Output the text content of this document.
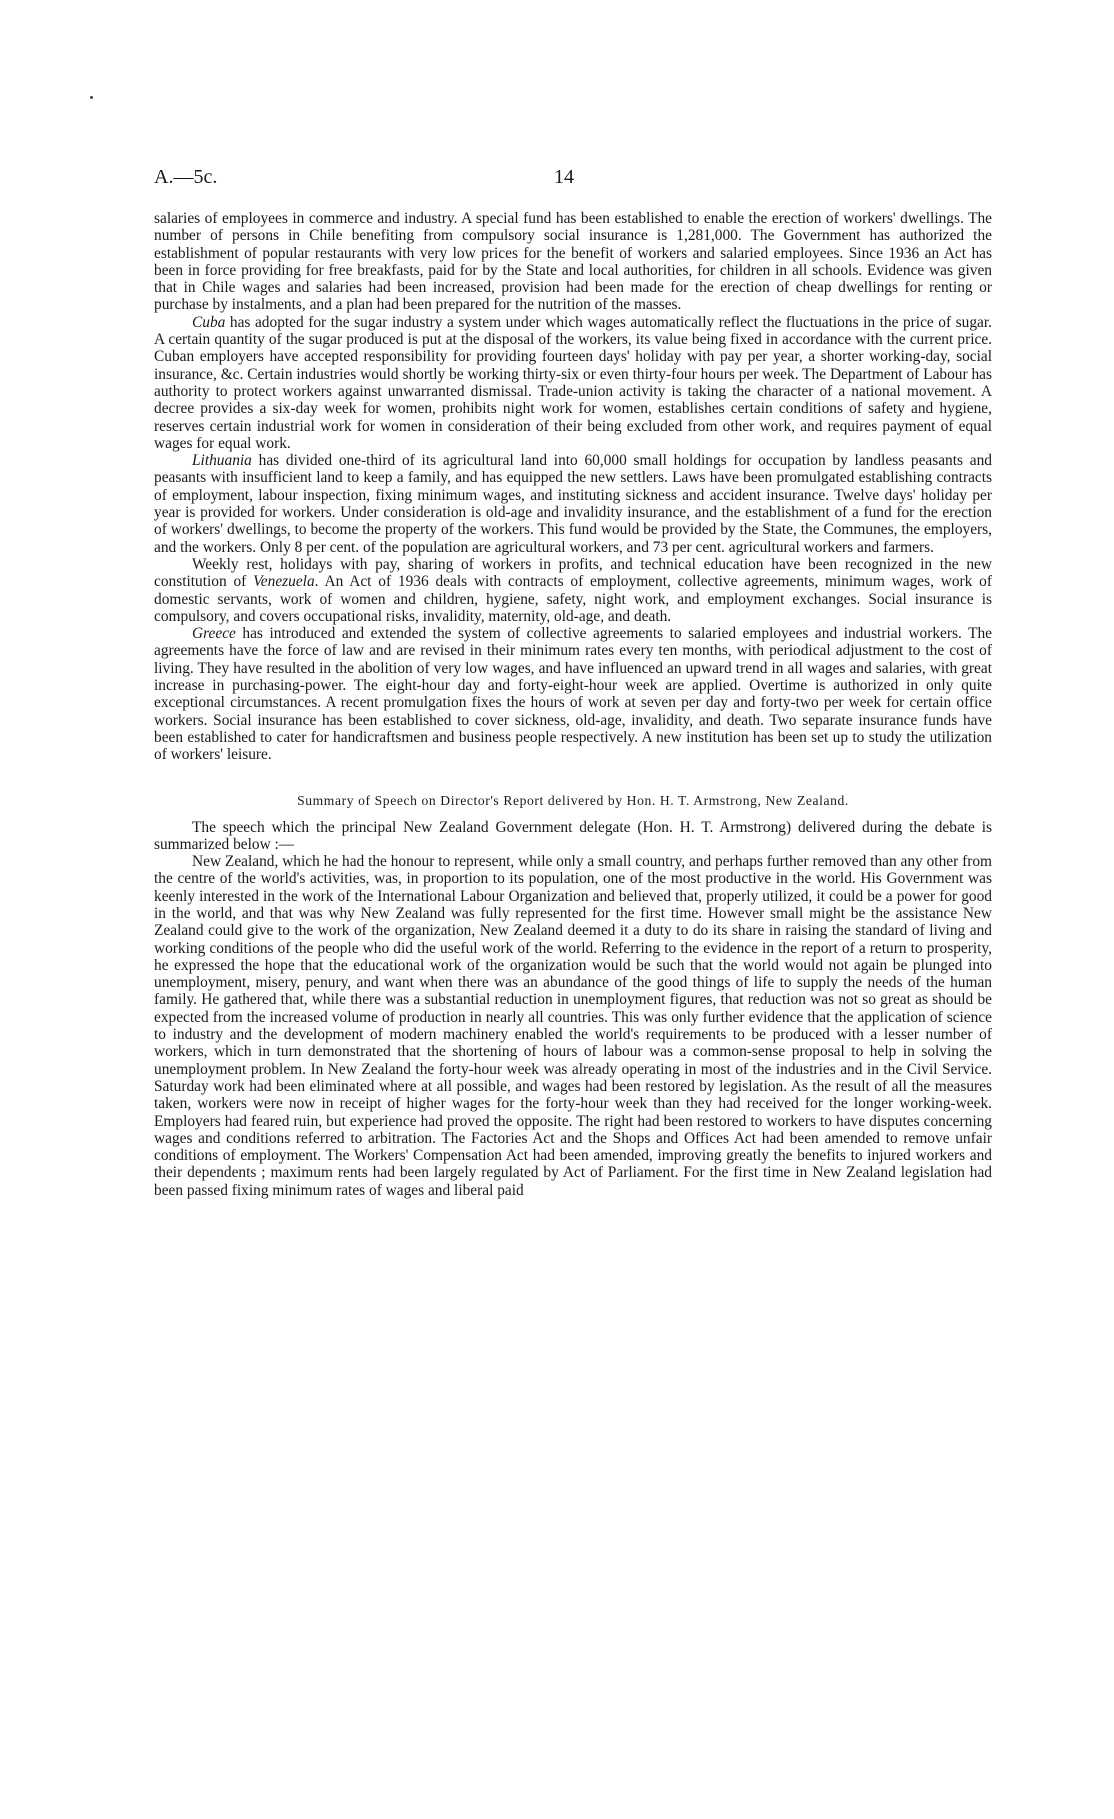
A.—5c.	14

salaries of employees in commerce and industry. A special fund has been established to enable the erection of workers' dwellings. The number of persons in Chile benefiting from compulsory social insurance is 1,281,000. The Government has authorized the establishment of popular restaurants with very low prices for the benefit of workers and salaried employees. Since 1936 an Act has been in force providing for free breakfasts, paid for by the State and local authorities, for children in all schools. Evidence was given that in Chile wages and salaries had been increased, provision had been made for the erection of cheap dwellings for renting or purchase by instalments, and a plan had been prepared for the nutrition of the masses.

Cuba has adopted for the sugar industry a system under which wages automatically reflect the fluctuations in the price of sugar. A certain quantity of the sugar produced is put at the disposal of the workers, its value being fixed in accordance with the current price. Cuban employers have accepted responsibility for providing fourteen days' holiday with pay per year, a shorter working-day, social insurance, &c. Certain industries would shortly be working thirty-six or even thirty-four hours per week. The Department of Labour has authority to protect workers against unwarranted dismissal. Trade-union activity is taking the character of a national movement. A decree provides a six-day week for women, prohibits night work for women, establishes certain conditions of safety and hygiene, reserves certain industrial work for women in consideration of their being excluded from other work, and requires payment of equal wages for equal work.

Lithuania has divided one-third of its agricultural land into 60,000 small holdings for occupation by landless peasants and peasants with insufficient land to keep a family, and has equipped the new settlers. Laws have been promulgated establishing contracts of employment, labour inspection, fixing minimum wages, and instituting sickness and accident insurance. Twelve days' holiday per year is provided for workers. Under consideration is old-age and invalidity insurance, and the establishment of a fund for the erection of workers' dwellings, to become the property of the workers. This fund would be provided by the State, the Communes, the employers, and the workers. Only 8 per cent. of the population are agricultural workers, and 73 per cent. agricultural workers and farmers.

Weekly rest, holidays with pay, sharing of workers in profits, and technical education have been recognized in the new constitution of Venezuela. An Act of 1936 deals with contracts of employment, collective agreements, minimum wages, work of domestic servants, work of women and children, hygiene, safety, night work, and employment exchanges. Social insurance is compulsory, and covers occupational risks, invalidity, maternity, old-age, and death.

Greece has introduced and extended the system of collective agreements to salaried employees and industrial workers. The agreements have the force of law and are revised in their minimum rates every ten months, with periodical adjustment to the cost of living. They have resulted in the abolition of very low wages, and have influenced an upward trend in all wages and salaries, with great increase in purchasing-power. The eight-hour day and forty-eight-hour week are applied. Overtime is authorized in only quite exceptional circumstances. A recent promulgation fixes the hours of work at seven per day and forty-two per week for certain office workers. Social insurance has been established to cover sickness, old-age, invalidity, and death. Two separate insurance funds have been established to cater for handicraftsmen and business people respectively. A new institution has been set up to study the utilization of workers' leisure.

Summary of Speech on Director's Report delivered by Hon. H. T. Armstrong, New Zealand.

The speech which the principal New Zealand Government delegate (Hon. H. T. Armstrong) delivered during the debate is summarized below :—

New Zealand, which he had the honour to represent, while only a small country, and perhaps further removed than any other from the centre of the world's activities, was, in proportion to its population, one of the most productive in the world. His Government was keenly interested in the work of the International Labour Organization and believed that, properly utilized, it could be a power for good in the world, and that was why New Zealand was fully represented for the first time. However small might be the assistance New Zealand could give to the work of the organization, New Zealand deemed it a duty to do its share in raising the standard of living and working conditions of the people who did the useful work of the world. Referring to the evidence in the report of a return to prosperity, he expressed the hope that the educational work of the organization would be such that the world would not again be plunged into unemployment, misery, penury, and want when there was an abundance of the good things of life to supply the needs of the human family. He gathered that, while there was a substantial reduction in unemployment figures, that reduction was not so great as should be expected from the increased volume of production in nearly all countries. This was only further evidence that the application of science to industry and the development of modern machinery enabled the world's requirements to be produced with a lesser number of workers, which in turn demonstrated that the shortening of hours of labour was a common-sense proposal to help in solving the unemployment problem. In New Zealand the forty-hour week was already operating in most of the industries and in the Civil Service. Saturday work had been eliminated where at all possible, and wages had been restored by legislation. As the result of all the measures taken, workers were now in receipt of higher wages for the forty-hour week than they had received for the longer working-week. Employers had feared ruin, but experience had proved the opposite. The right had been restored to workers to have disputes concerning wages and conditions referred to arbitration. The Factories Act and the Shops and Offices Act had been amended to remove unfair conditions of employment. The Workers' Compensation Act had been amended, improving greatly the benefits to injured workers and their dependents ; maximum rents had been largely regulated by Act of Parliament. For the first time in New Zealand legislation had been passed fixing minimum rates of wages and liberal paid
